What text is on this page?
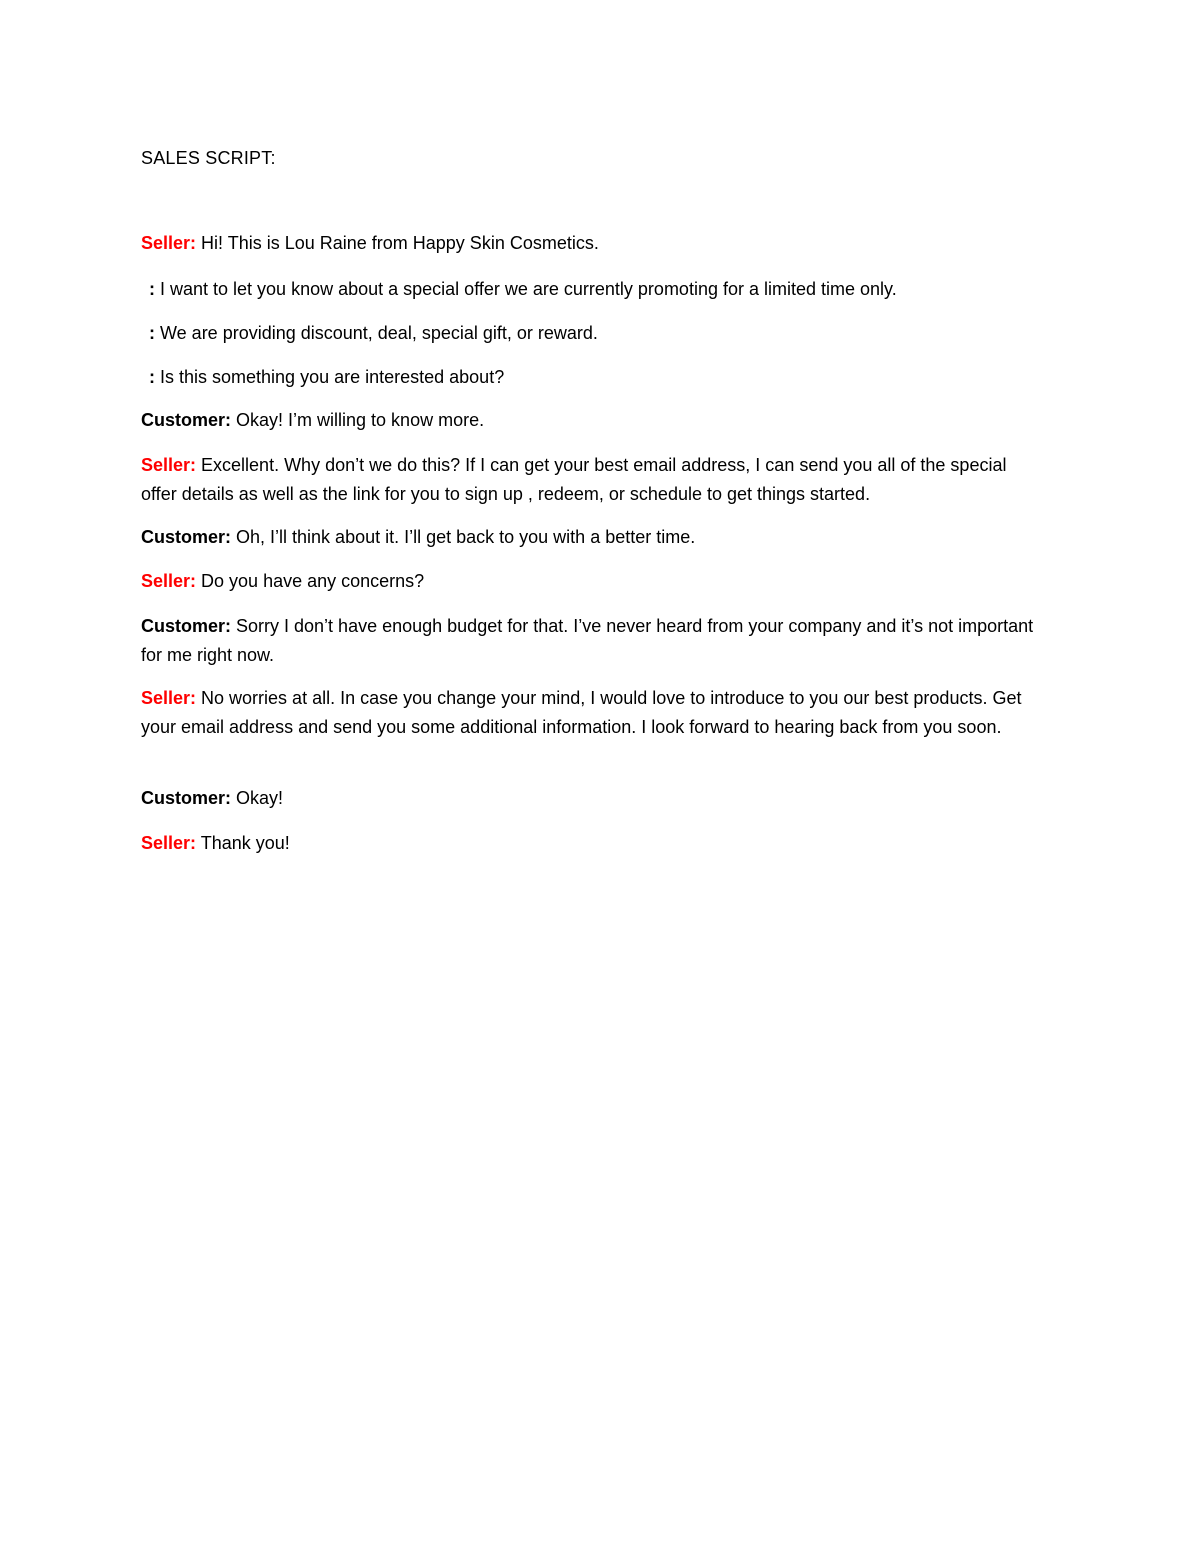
SALES SCRIPT:
Seller: Hi! This is Lou Raine from Happy Skin Cosmetics.
: I want to let you know about a special offer we are currently promoting for a limited time only.
: We are providing discount, deal, special gift, or reward.
: Is this something you are interested about?
Customer: Okay! I’m willing to know more.
Seller: Excellent. Why don’t we do this? If I can get your best email address, I can send you all of the special offer details as well as the link for you to sign up , redeem, or schedule to get things started.
Customer: Oh, I’ll think about it. I’ll get back to you with a better time.
Seller: Do you have any concerns?
Customer: Sorry I don’t have enough budget for that. I’ve never heard from your company and it’s not important for me right now.
Seller: No worries at all. In case you change your mind, I would love to introduce to you our best products. Get your email address and send you some additional information. I look forward to hearing back from you soon.
Customer: Okay!
Seller: Thank you!
